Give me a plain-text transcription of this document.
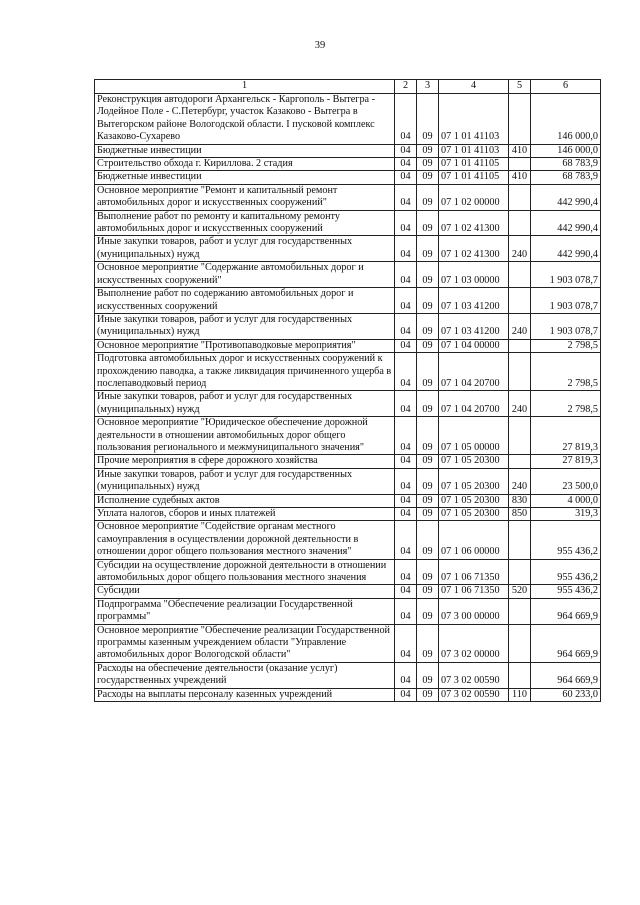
39
1	2	3	4	5	6
Реконструкция автодороги Архангельск - Каргополь - Вытегра - Лодейное Поле - С.Петербург, участок Казаково - Вытегра в Вытегорском районе Вологодской области. I пусковой комплекс Казаково-Сухарево	04	09	07 1 01 41103		146 000,0
Бюджетные инвестиции	04	09	07 1 01 41103	410	146 000,0
Строительство обхода г. Кириллова. 2 стадия	04	09	07 1 01 41105		68 783,9
Бюджетные инвестиции	04	09	07 1 01 41105	410	68 783,9
Основное мероприятие "Ремонт и капитальный ремонт автомобильных дорог и искусственных сооружений"	04	09	07 1 02 00000		442 990,4
Выполнение работ по ремонту и капитальному ремонту автомобильных дорог и искусственных сооружений	04	09	07 1 02 41300		442 990,4
Иные закупки товаров, работ и услуг для государственных (муниципальных) нужд	04	09	07 1 02 41300	240	442 990,4
Основное мероприятие "Содержание автомобильных дорог и искусственных сооружений"	04	09	07 1 03 00000		1 903 078,7
Выполнение работ по содержанию автомобильных дорог и искусственных сооружений	04	09	07 1 03 41200		1 903 078,7
Иные закупки товаров, работ и услуг для государственных (муниципальных) нужд	04	09	07 1 03 41200	240	1 903 078,7
Основное мероприятие "Противопаводковые мероприятия"	04	09	07 1 04 00000		2 798,5
Подготовка автомобильных дорог и искусственных сооружений к прохождению паводка, а также ликвидация причиненного ущерба в послепаводковый период	04	09	07 1 04 20700		2 798,5
Иные закупки товаров, работ и услуг для государственных (муниципальных) нужд	04	09	07 1 04 20700	240	2 798,5
Основное мероприятие "Юридическое обеспечение дорожной деятельности в отношении автомобильных дорог общего пользования регионального и межмуниципального значения"	04	09	07 1 05 00000		27 819,3
Прочие мероприятия в сфере дорожного хозяйства	04	09	07 1 05 20300		27 819,3
Иные закупки товаров, работ и услуг для государственных (муниципальных) нужд	04	09	07 1 05 20300	240	23 500,0
Исполнение судебных актов	04	09	07 1 05 20300	830	4 000,0
Уплата налогов, сборов и иных платежей	04	09	07 1 05 20300	850	319,3
Основное мероприятие "Содействие органам местного самоуправления в осуществлении дорожной деятельности в отношении дорог общего пользования местного значения"	04	09	07 1 06 00000		955 436,2
Субсидии на осуществление дорожной деятельности в отношении автомобильных дорог общего пользования местного значения	04	09	07 1 06 71350		955 436,2
Субсидии	04	09	07 1 06 71350	520	955 436,2
Подпрограмма "Обеспечение реализации Государственной программы"	04	09	07 3 00 00000		964 669,9
Основное мероприятие "Обеспечение реализации Государственной программы казенным учреждением области "Управление автомобильных дорог Вологодской области"	04	09	07 3 02 00000		964 669,9
Расходы на обеспечение деятельности (оказание услуг) государственных учреждений	04	09	07 3 02 00590		964 669,9
Расходы на выплаты персоналу казенных учреждений	04	09	07 3 02 00590	110	60 233,0
